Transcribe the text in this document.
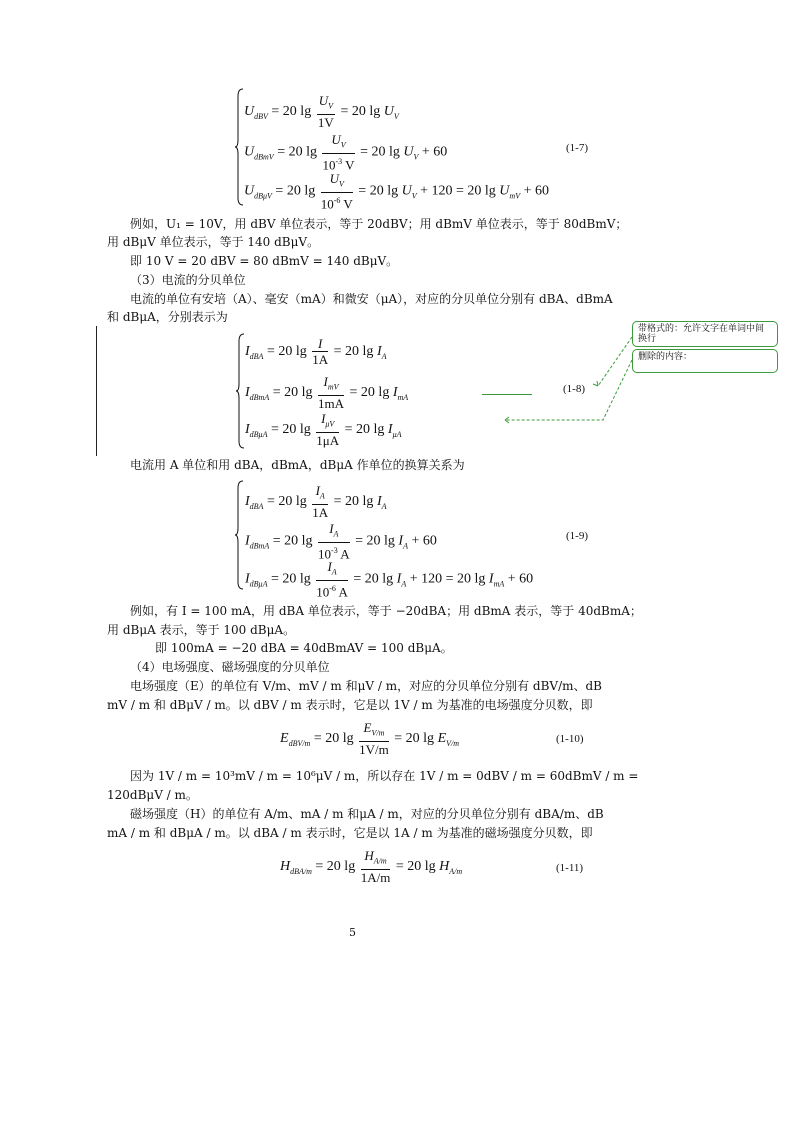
$U_{dBV} = 20$ $\lg \frac{U_V}{1V} = 20$ $\lg U_V$
$U_{dBmV} = 20$ $\lg \frac{U_V}{10^{-3} V} = 20$ $\lg U_V + 60$	(1-7)
$U_{dB\mu V} = 20$ $\lg \frac{U_V}{10^{-6} V} = 20$ $\lg U_V + 120 = 20$ $\lg U_{mV} + 60$
例如，U₁ = 10V，用 dBV 单位表示，等于 20dBV；用 dBmV 单位表示，等于 80dBmV；
用 dBμV 单位表示，等于 140 dBμV。
即 10 V = 20 dBV = 80 dBmV = 140 dBμV。
（3）电流的分贝单位
电流的单位有安培（A）、毫安（mA）和微安（μA），对应的分贝单位分别有 dBA、dBmA
和 dBμA，分别表示为
$I_{dBA} = 20$ $\lg \frac{I}{1A} = 20$ $\lg I_A$
$I_{dBmA} = 20$ $\lg \frac{I_{mV}}{1mA} = 20$ $\lg I_{mA}$
(1-8)
$I_{dB\mu A} = 20$ $\lg \frac{I_{\mu V}}{1\mu A} = 20$ $\lg I_{\mu A}$
带格式的：允许文字在单词中间换行
删除的内容：
电流用 A 单位和用 dBA，dBmA，dBμA 作单位的换算关系为
$I_{dBA} = 20$ $\lg \frac{I_A}{1A} = 20$ $\lg I_A$
$I_{dBmA} = 20$ $\lg \frac{I_A}{10^{-3} A} = 20$ $\lg I_A + 60$	(1-9)
$I_{dB\mu A} = 20$ $\lg \frac{I_A}{10^{-6} A} = 20$ $\lg I_A + 120 = 20$ $\lg I_{mA} + 60$
例如，有 I = 100 mA，用 dBA 单位表示，等于 −20dBA；用 dBmA 表示，等于 40dBmA；
用 dBμA 表示，等于 100 dBμA。
即 100mA = −20 dBA = 40dBmAV = 100 dBμA。
（4）电场强度、磁场强度的分贝单位
电场强度（E）的单位有 V/m、mV / m 和μV / m，对应的分贝单位分别有 dBV/m、dB
mV / m 和 dBμV / m。以 dBV / m 表示时，它是以 1V / m 为基准的电场强度分贝数，即
$E_{dBV/m} = 20$ $\lg \frac{E_{V/m}}{1V/m} = 20$ $\lg E_{V/m}$	(1-10)
因为 1V / m = 10³mV / m = 10⁶μV / m，所以存在 1V / m = 0dBV / m = 60dBmV / m =
120dBμV / m。
磁场强度（H）的单位有 A/m、mA / m 和μA / m，对应的分贝单位分别有 dBA/m、dB
mA / m 和 dBμA / m。以 dBA / m 表示时，它是以 1A / m 为基准的磁场强度分贝数，即
$H_{dBA/m} = 20$ $\lg \frac{H_{A/m}}{1A/m} = 20$ $\lg H_{A/m}$	(1-11)
5
